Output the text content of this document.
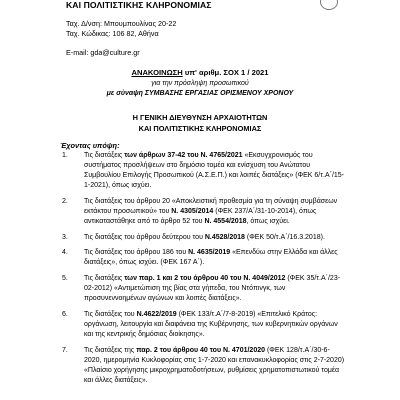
ΚΑΙ ΠΟΛΙΤΙΣΤΙΚΗΣ ΚΛΗΡΟΝΟΜΙΑΣ
Ταχ. Δ/νση: Μπουμπουλίνας 20-22
Ταχ. Κώδικας: 106 82, Αθήνα
E-mail: gda@culture.gr
ΑΝΑΚΟΙΝΩΣΗ υπ' αριθμ. ΣΟΧ 1 / 2021
για την πρόσληψη προσωπικού
με σύναψη ΣΥΜΒΑΣΗΣ ΕΡΓΑΣΙΑΣ ΟΡΙΣΜΕΝΟΥ ΧΡΟΝΟΥ
Η ΓΕΝΙΚΗ ΔΙΕΥΘΥΝΣΗ ΑΡΧΑΙΟΤΗΤΩΝ
ΚΑΙ ΠΟΛΙΤΙΣΤΙΚΗΣ ΚΛΗΡΟΝΟΜΙΑΣ
Έχοντας υπόψη:
1. Τις διατάξεις των άρθρων 37-42 του Ν. 4765/2021 «Εκσυγχρονισμός του
συστήματος προσλήψεων στο δημόσιο τομέα και ενίσχυση του Ανώτατου
Συμβουλίου Επιλογής Προσωπικού (Α.Σ.Ε.Π.) και λοιπές διατάξεις» (ΦΕΚ 6/τ.Α΄/15-
1-2021), όπως ισχύει.
2. Τις διατάξεις του άρθρου 20 «Αποκλειστική προθεσμία για τη σύναψη συμβάσεων
εκτάκτου προσωπικού» του Ν. 4305/2014 (ΦΕΚ 237/Α΄/31-10-2014), όπως
αντικαταστάθηκε από το άρθρο 52 του Ν. 4554/2018, όπως ισχύει.
3. Τις διατάξεις του άρθρου δεύτερου του Ν.4528/2018 (ΦΕΚ 50/τ.Α΄/16.3.2018).
4. Τις διατάξεις του άρθρου 186 του Ν. 4635/2019 «Επενδύω στην Ελλάδα και άλλες
διατάξεις», όπως ισχύει. (ΦΕΚ 167 Α΄).
5. Τις διατάξεις των παρ. 1 και 2 του άρθρου 40 του Ν. 4049/2012 (ΦΕΚ 35/τ.Α΄/23-
02-2012) «Αντιμετώπιση της βίας στα γήπεδα, του Ντόπινγκ, των
προσυνεννοημένων αγώνων και λοιπές διατάξεις».
6. Τις διατάξεις του Ν.4622/2019 (ΦΕΚ 133/τ.Α΄/7-8-2019) «Επιτελικό Κράτος:
οργάνωση, λειτουργία και διαφάνεια της Κυβέρνησης, των κυβερνητικών οργάνων
και της κεντρικής δημόσιας διοίκησης».
7. Τις διατάξεις της παρ. 2 του άρθρου 40 του Ν. 4701/2020 (ΦΕΚ 128/τ.Α΄/30-6-
2020, ημερομηνία Κυκλοφορίας στις 1-7-2020 και επανακυκλοφορίας στις 2-7-2020)
«Πλαίσιο χορήγησης μικροχρηματοδοτήσεων, ρυθμίσεις χρηματοπιστωτικού τομέα
και άλλες διατάξεις».
